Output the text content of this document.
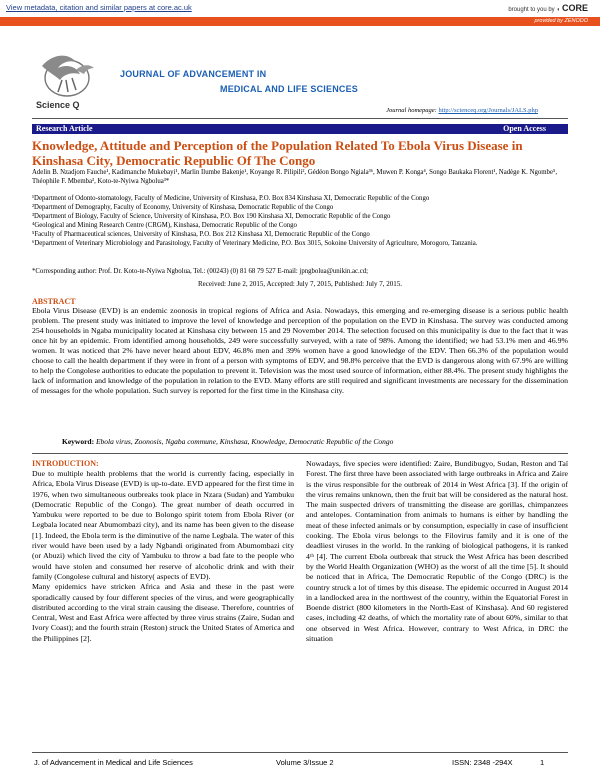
View metadata, citation and similar papers at core.ac.uk	brought to you by ◖ CORE
provided by ZENODO
Science Q
JOURNAL OF ADVANCEMENT IN
MEDICAL AND LIFE SCIENCES
Journal homepage: http://scienceq.org/Journals/JALS.php
Research Article	Open Access
Knowledge, Attitude and Perception of the Population Related To Ebola Virus Disease in Kinshasa City, Democratic Republic Of The Congo
Adelin B. Nzadjom Fauche¹, Kadimanche Mukebayi¹, Marlin Ilumbe Bakenje¹, Koyange R. Pilipili², Gédéon Bongo Ngiala³⁶, Muwen P. Konga⁴, Songo Baukaka Florent¹, Nadège K. Ngombe⁵, Théophile F. Mbemba³, Koto-te-Nyiwa Ngbolua³*
¹Department of Odonto-stomatology, Faculty of Medicine, University of Kinshasa, P.O. Box 834 Kinshasa XI, Democratic Republic of the Congo
²Department of Demography, Faculty of Economy, University of Kinshasa, Democratic Republic of the Congo
³Department of Biology, Faculty of Science, University of Kinshasa, P.O. Box 190 Kinshasa XI, Democratic Republic of the Congo
⁴Geological and Mining Research Centre (CRGM), Kinshasa, Democratic Republic of the Congo
⁵Faculty of Pharmaceutical sciences, University of Kinshasa, P.O. Box 212 Kinshasa XI, Democratic Republic of the Congo
⁶Department of Veterinary Microbiology and Parasitology, Faculty of Veterinary Medicine, P.O. Box 3015, Sokoine University of Agriculture, Morogoro, Tanzania.
*Corresponding author: Prof. Dr. Koto-te-Nyiwa Ngbolua, Tel.: (00243) (0) 81 68 79 527 E-mail: jpngbolua@unikin.ac.cd;
Received: June 2, 2015, Accepted: July 7, 2015, Published: July 7, 2015.
ABSTRACT
Ebola Virus Disease (EVD) is an endemic zoonosis in tropical regions of Africa and Asia. Nowadays, this emerging and re-emerging disease is a serious public health problem. The present study was initiated to improve the level of knowledge and perception of the population on the EVD in Kinshasa. The survey was conducted among 254 households in Ngaba municipality located at Kinshasa city between 15 and 29 November 2014. The selection focused on this municipality is due to the fact that it was once hit by an epidemic. From identified among households, 249 were successfully surveyed, with a rate of 98%. Among the identified; we had 53.1% men and 46.9% women. It was noticed that 2% have never heard about EDV, 46.8% men and 39% women have a good knowledge of the EDV. Then 66.3% of the population would choose to call the health department if they were in front of a person with symptoms of EDV, and 98.8% perceive that the EVD is dangerous along with 67.9% are willing to help the Congolese authorities to educate the population to prevent it. Television was the most used source of information, either 88.4%. The present study highlights the lack of information and knowledge of the population in relation to the EVD. Many efforts are still required and significant investments are necessary for the dissemination of messages for the whole population. Such survey is reported for the first time in the Kinshasa city.
Keyword: Ebola virus, Zoonosis, Ngaba commune, Kinshasa, Knowledge, Democratic Republic of the Congo
INTRODUCTION:

Due to multiple health problems that the world is currently facing, especially in Africa, Ebola Virus Disease (EVD) is up-to-date. EVD appeared for the first time in 1976, when two simultaneous outbreaks took place in Nzara (Sudan) and Yambuku (Democratic Republic of the Congo). The great number of death occurred in Yambuku were reported to be due to Bolongo spirit totem from Ebola River (or Legbala located near Abumombazi city), and its name has been given to the disease [1]. Indeed, the Ebola term is the diminutive of the name Legbala. The water of this river would have been used by a lady Ngbandi originated from Abumombazi city (or Abuzi) which lived the city of Yambuku to throw a bad fate to the people who would have stolen and consumed her reserve of alcoholic drink and with their family (Congolese cultural and history( aspects of EVD).

Many epidemics have stricken Africa and Asia and these in the past were sporadically caused by four different species of the virus, and were geographically distributed according to the viral strain causing the disease. Therefore, countries of Central, West and East Africa were affected by three virus strains (Zaire, Sudan and Ivory Coast); and the fourth strain (Reston) struck the United States of America and the Philippines [2].

Nowadays, five species were identified: Zaire, Bundibugyo, Sudan, Reston and Taï Forest. The first three have been associated with large outbreaks in Africa and Zaire is the virus responsible for the outbreak of 2014 in West Africa [3]. If the origin of the virus remains unknown, then the fruit bat will be considered as the natural host. The main suspected drivers of transmitting the disease are gorillas, chimpanzees and antelopes. Contamination from animals to humans is either by handling the meat of these infected animals or by consumption, especially in case of insufficient cooking. The Ebola virus belongs to the Filovirus family and it is one of the deadliest viruses in the world. In the ranking of biological pathogens, it is ranked 4ᵗʰ [4]. The current Ebola outbreak that struck the West Africa has been described by the World Health Organization (WHO) as the worst of all the time [5]. It should be noticed that in Africa, The Democratic Republic of the Congo (DRC) is the country struck a lot of times by this disease. The epidemic occurred in August 2014 in a landlocked area in the northwest of the country, within the Equatorial Forest in Boende district (800 kilometers in the North-East of Kinshasa). And 60 registered cases, including 42 deaths, of which the mortality rate of about 60%, similar to that one observed in West Africa. However, contrary to West Africa, in DRC the situation

J. of Advancement in Medical and Life Sciences	Volume 3/Issue 2	ISSN: 2348 -294X	1
